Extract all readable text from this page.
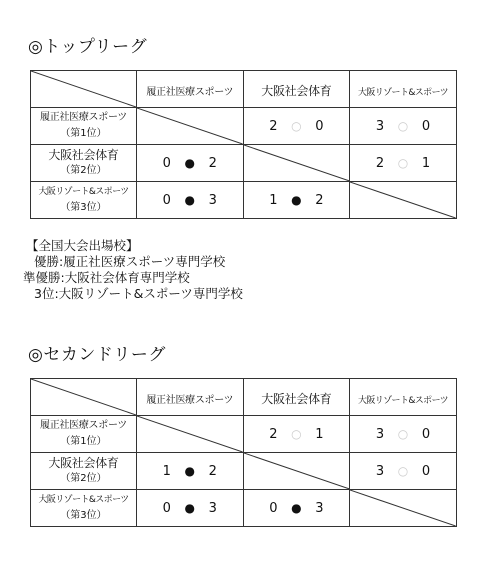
◎トップリーグ
	履正社医療スポーツ	大阪社会体育	大阪リゾート&スポーツ

履正社医療スポーツ
（第1位）		2 ○ 0	3 ○ 0

大阪社会体育
（第2位）	0 ● 2		2 ○ 1

大阪リゾート&スポーツ
（第3位）	0 ● 3	1 ● 2	
【全国大会出場校】
優勝:履正社医療スポーツ専門学校
準優勝:大阪社会体育専門学校
3位:大阪リゾート&スポーツ専門学校
◎セカンドリーグ
	履正社医療スポーツ	大阪社会体育	大阪リゾート&スポーツ

履正社医療スポーツ
（第1位）		2 ○ 1	3 ○ 0

大阪社会体育
（第2位）	1 ● 2		3 ○ 0

大阪リゾート&スポーツ
（第3位）	0 ● 3	0 ● 3	
